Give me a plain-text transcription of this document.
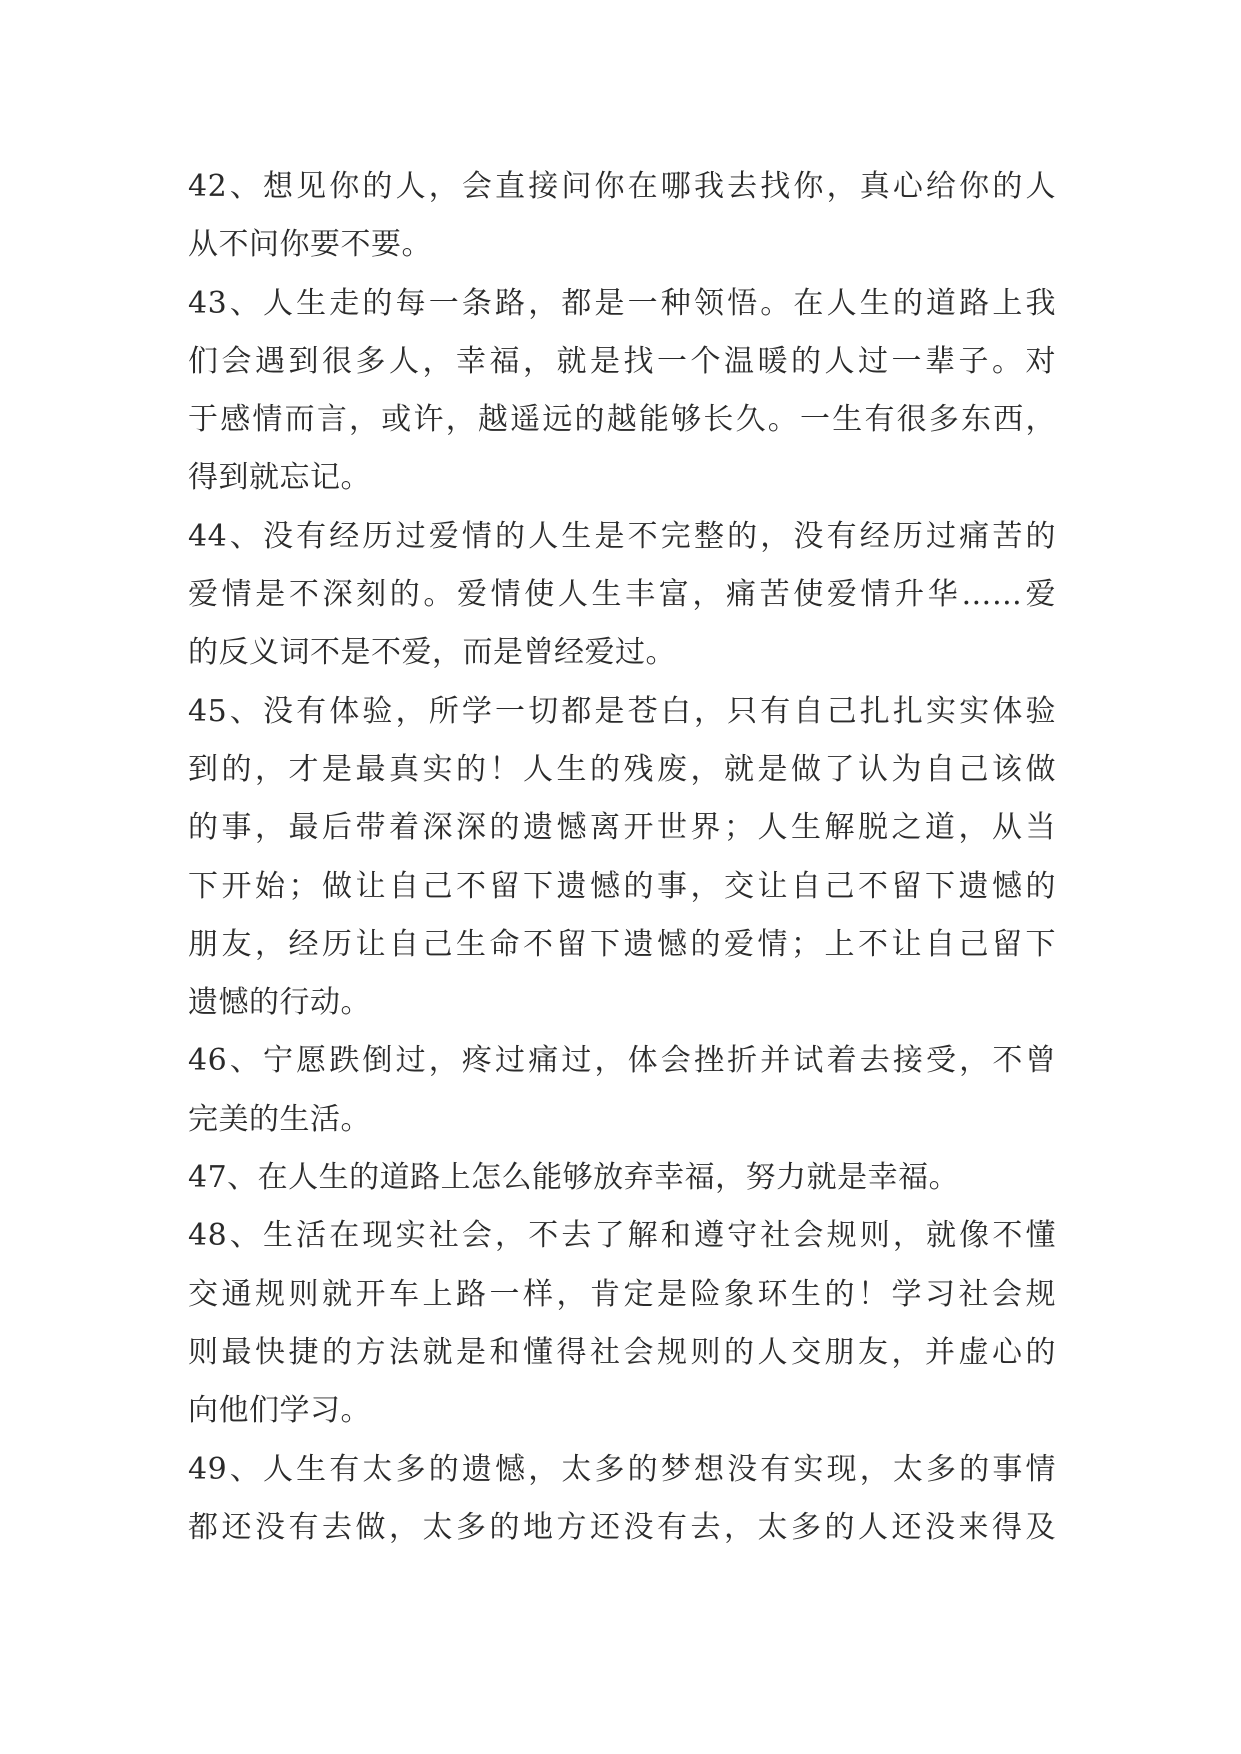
42、想见你的人，会直接问你在哪我去找你，真心给你的人
从不问你要不要。
43、人生走的每一条路，都是一种领悟。在人生的道路上我
们会遇到很多人，幸福，就是找一个温暖的人过一辈子。对
于感情而言，或许，越遥远的越能够长久。一生有很多东西，
得到就忘记。
44、没有经历过爱情的人生是不完整的，没有经历过痛苦的
爱情是不深刻的。爱情使人生丰富，痛苦使爱情升华……爱
的反义词不是不爱，而是曾经爱过。
45、没有体验，所学一切都是苍白，只有自己扎扎实实体验
到的，才是最真实的！人生的残废，就是做了认为自己该做
的事，最后带着深深的遗憾离开世界；人生解脱之道，从当
下开始；做让自己不留下遗憾的事，交让自己不留下遗憾的
朋友，经历让自己生命不留下遗憾的爱情；上不让自己留下
遗憾的行动。
46、宁愿跌倒过，疼过痛过，体会挫折并试着去接受，不曾
完美的生活。
47、在人生的道路上怎么能够放弃幸福，努力就是幸福。
48、生活在现实社会，不去了解和遵守社会规则，就像不懂
交通规则就开车上路一样，肯定是险象环生的！学习社会规
则最快捷的方法就是和懂得社会规则的人交朋友，并虚心的
向他们学习。
49、人生有太多的遗憾，太多的梦想没有实现，太多的事情
都还没有去做，太多的地方还没有去，太多的人还没来得及
